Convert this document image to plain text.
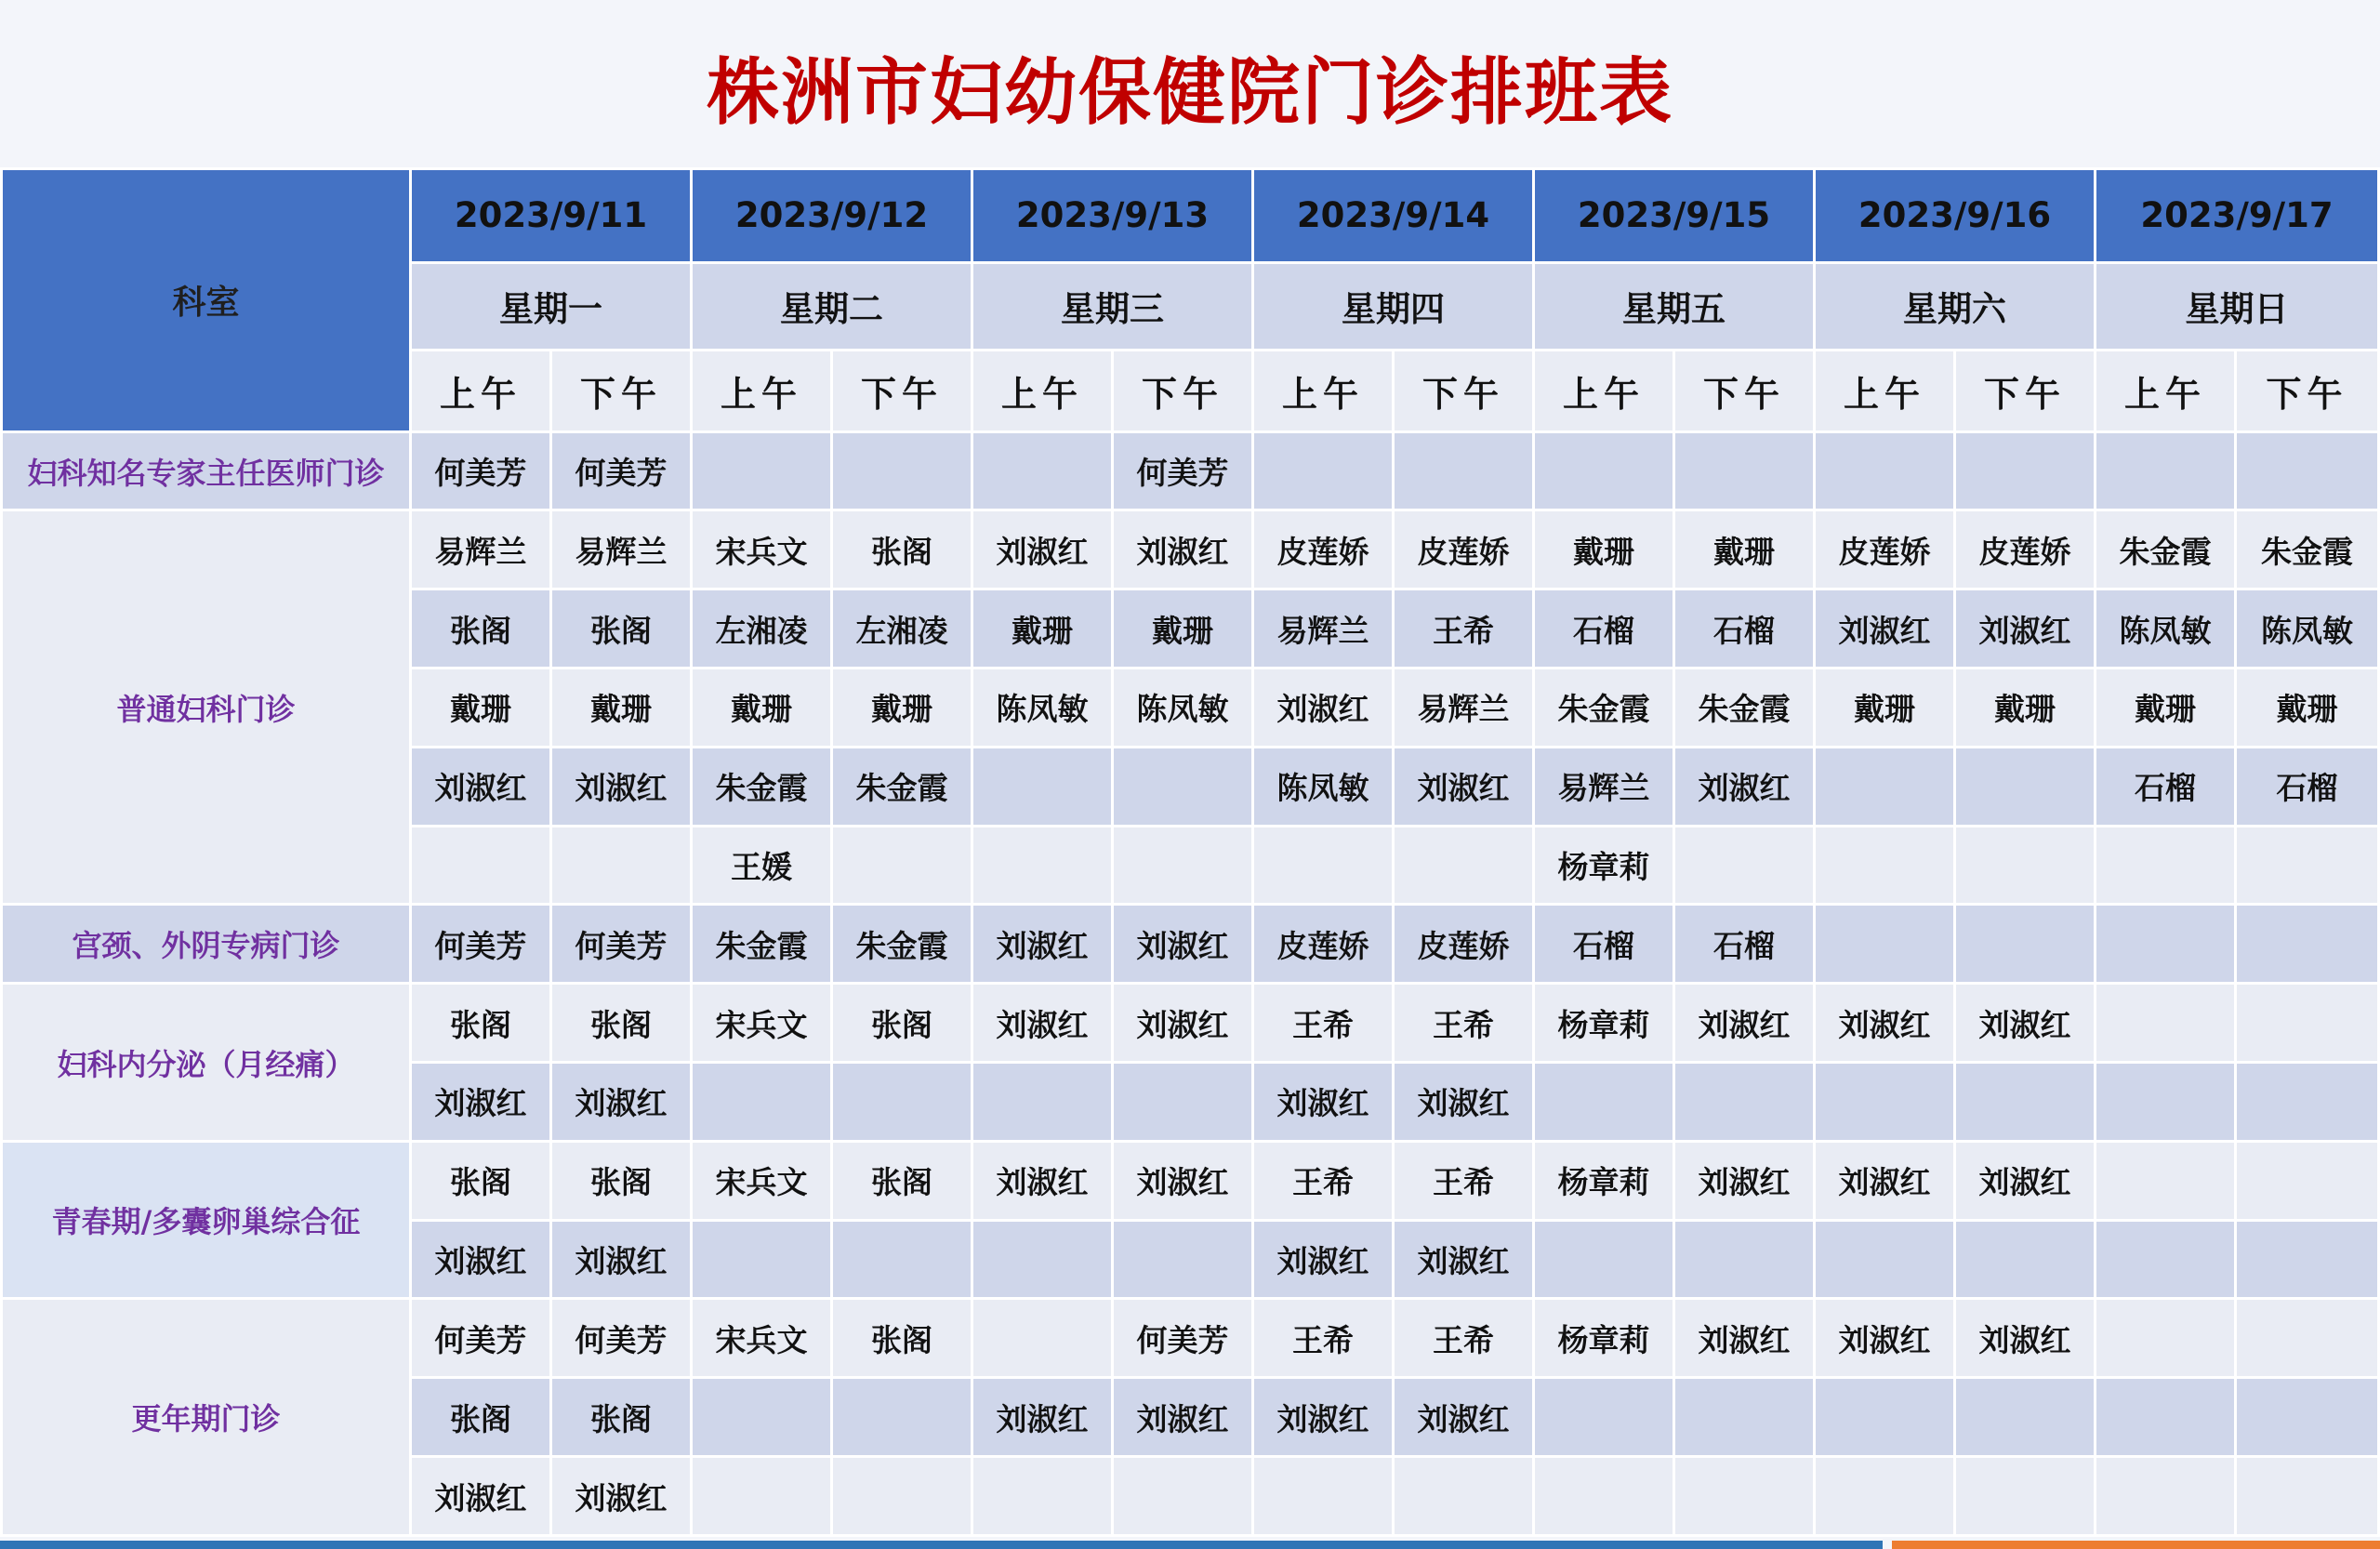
株洲市妇幼保健院门诊排班表
科室	2023/9/11		2023/9/12		2023/9/13		2023/9/14		2023/9/15		2023/9/16		2023/9/17	
	星期一		星期二		星期三		星期四		星期五		星期六		星期日	
	上午	下午	上午	下午	上午	下午	上午	下午	上午	下午	上午	下午	上午	下午
妇科知名专家主任医师门诊	何美芳	何美芳				何美芳								
普通妇科门诊	易辉兰	易辉兰	宋兵文	张阁	刘淑红	刘淑红	皮莲娇	皮莲娇	戴珊	戴珊	皮莲娇	皮莲娇	朱金霞	朱金霞
	张阁	张阁	左湘凌	左湘凌	戴珊	戴珊	易辉兰	王希	石榴	石榴	刘淑红	刘淑红	陈凤敏	陈凤敏
	戴珊	戴珊	戴珊	戴珊	陈凤敏	陈凤敏	刘淑红	易辉兰	朱金霞	朱金霞	戴珊	戴珊	戴珊	戴珊
	刘淑红	刘淑红	朱金霞	朱金霞			陈凤敏	刘淑红	易辉兰	刘淑红			石榴	石榴
			王媛						杨章莉					
宫颈、外阴专病门诊	何美芳	何美芳	朱金霞	朱金霞	刘淑红	刘淑红	皮莲娇	皮莲娇	石榴	石榴				
妇科内分泌（月经痛）	张阁	张阁	宋兵文	张阁	刘淑红	刘淑红	王希	王希	杨章莉	刘淑红	刘淑红	刘淑红		
	刘淑红	刘淑红					刘淑红	刘淑红						
青春期/多囊卵巢综合征	张阁	张阁	宋兵文	张阁	刘淑红	刘淑红	王希	王希	杨章莉	刘淑红	刘淑红	刘淑红		
	刘淑红	刘淑红					刘淑红	刘淑红						
更年期门诊	何美芳	何美芳	宋兵文	张阁		何美芳	王希	王希	杨章莉	刘淑红	刘淑红	刘淑红		
	张阁	张阁			刘淑红	刘淑红	刘淑红	刘淑红						
	刘淑红	刘淑红												
